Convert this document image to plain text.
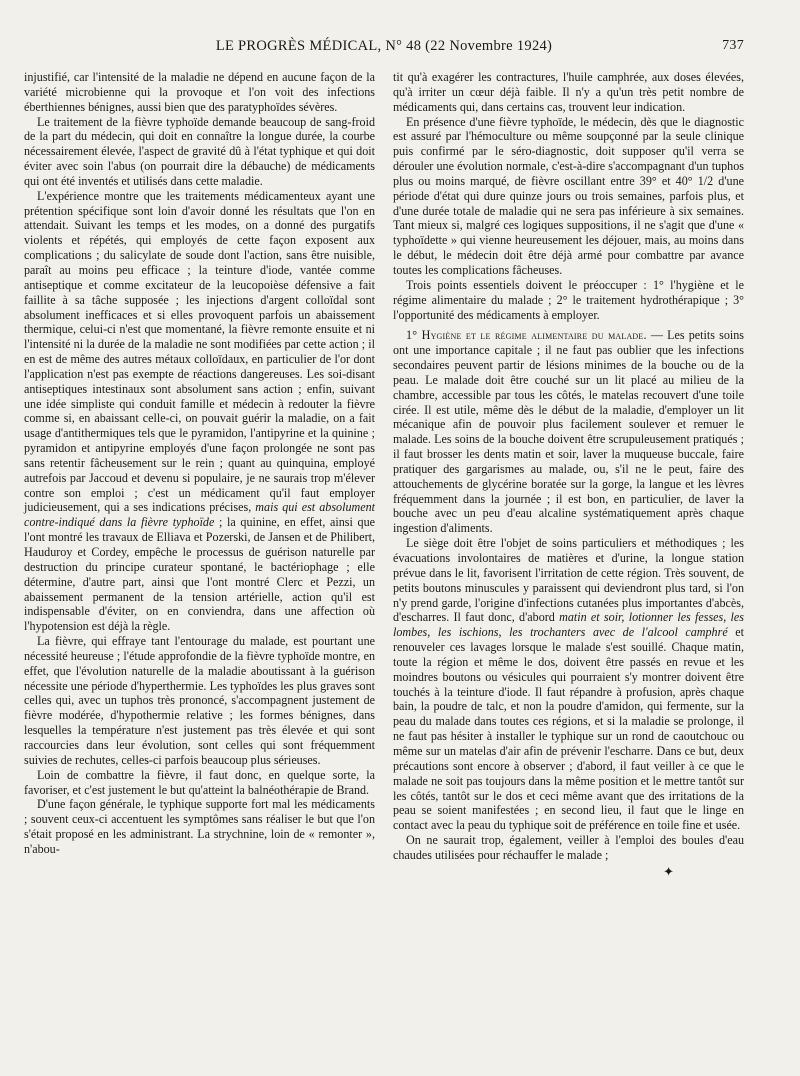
LE PROGRÈS MÉDICAL, N° 48 (22 Novembre 1924)	737

injustifié, car l'intensité de la maladie ne dépend en aucune façon de la variété microbienne qui la provoque et l'on voit des infections éberthiennes bénignes, aussi bien que des paratyphoïdes sévères.

Le traitement de la fièvre typhoïde demande beaucoup de sang-froid de la part du médecin, qui doit en connaître la longue durée, la courbe nécessairement élevée, l'aspect de gravité dû à l'état typhique et qui doit éviter avec soin l'abus (on pourrait dire la débauche) de médicaments qui ont été inventés et utilisés dans cette maladie.

L'expérience montre que les traitements médicamenteux ayant une prétention spécifique sont loin d'avoir donné les résultats que l'on en attendait. Suivant les temps et les modes, on a donné des purgatifs violents et répétés, qui employés de cette façon exposent aux complications ; du salicylate de soude dont l'action, sans être nuisible, paraît au moins peu efficace ; la teinture d'iode, vantée comme antiseptique et comme excitateur de la leucopoièse défensive a fait faillite à sa tâche supposée ; les injections d'argent colloïdal sont absolument inefficaces et si elles provoquent parfois un abaissement thermique, celui-ci n'est que momentané, la fièvre remonte ensuite et ni l'intensité ni la durée de la maladie ne sont modifiées par cette action ; il en est de même des autres métaux colloïdaux, en particulier de l'or dont l'application n'est pas exempte de réactions dangereuses. Les soi-disant antiseptiques intestinaux sont absolument sans action ; enfin, suivant une idée simpliste qui conduit famille et médecin à redouter la fièvre comme si, en abaissant celle-ci, on pouvait guérir la maladie, on a fait usage d'antithermiques tels que le pyramidon, l'antipyrine et la quinine ; pyramidon et antipyrine employés d'une façon prolongée ne sont pas sans retentir fâcheusement sur le rein ; quant au quinquina, employé autrefois par Jaccoud et devenu si populaire, je ne saurais trop m'élever contre son emploi ; c'est un médicament qu'il faut employer judicieusement, qui a ses indications précises, mais qui est absolument contre-indiqué dans la fièvre typhoïde ; la quinine, en effet, ainsi que l'ont montré les travaux de Elliava et Pozerski, de Jansen et de Philibert, Hauduroy et Cordey, empêche le processus de guérison naturelle par destruction du principe curateur spontané, le bactériophage ; elle détermine, d'autre part, ainsi que l'ont montré Clerc et Pezzi, un abaissement permanent de la tension artérielle, action qu'il est indispensable d'éviter, on en conviendra, dans une affection où l'hypotension est déjà la règle.

La fièvre, qui effraye tant l'entourage du malade, est pourtant une nécessité heureuse ; l'étude approfondie de la fièvre typhoïde montre, en effet, que l'évolution naturelle de la maladie aboutissant à la guérison nécessite une période d'hyperthermie. Les typhoïdes les plus graves sont celles qui, avec un tuphos très prononcé, s'accompagnent justement de fièvre modérée, d'hypothermie relative ; les formes bénignes, dans lesquelles la température n'est justement pas très élevée et qui sont raccourcies dans leur évolution, sont celles qui sont fréquemment suivies de rechutes, celles-ci parfois beaucoup plus sérieuses.

Loin de combattre la fièvre, il faut donc, en quelque sorte, la favoriser, et c'est justement le but qu'atteint la balnéothérapie de Brand.

D'une façon générale, le typhique supporte fort mal les médicaments ; souvent ceux-ci accentuent les symptômes sans réaliser le but que l'on s'était proposé en les administrant. La strychnine, loin de « remonter », n'abou-

tit qu'à exagérer les contractures, l'huile camphrée, aux doses élevées, qu'à irriter un cœur déjà faible. Il n'y a qu'un très petit nombre de médicaments qui, dans certains cas, trouvent leur indication.

En présence d'une fièvre typhoïde, le médecin, dès que le diagnostic est assuré par l'hémoculture ou même soupçonné par la seule clinique puis confirmé par le séro-diagnostic, doit supposer qu'il verra se dérouler une évolution normale, c'est-à-dire s'accompagnant d'un tuphos plus ou moins marqué, de fièvre oscillant entre 39° et 40° 1/2 d'une période d'état qui dure quinze jours ou trois semaines, parfois plus, et d'une durée totale de maladie qui ne sera pas inférieure à six semaines. Tant mieux si, malgré ces logiques suppositions, il ne s'agit que d'une « typhoïdette » qui vienne heureusement les déjouer, mais, au moins dans le début, le médecin doit être déjà armé pour combattre par avance toutes les complications fâcheuses.

Trois points essentiels doivent le préoccuper : 1° l'hygiène et le régime alimentaire du malade ; 2° le traitement hydrothérapique ; 3° l'opportunité des médicaments à employer.

1° Hygiène et le régime alimentaire du malade. — Les petits soins ont une importance capitale ; il ne faut pas oublier que les infections secondaires peuvent partir de lésions minimes de la bouche ou de la peau. Le malade doit être couché sur un lit placé au milieu de la chambre, accessible par tous les côtés, le matelas recouvert d'une toile cirée. Il est utile, même dès le début de la maladie, d'employer un lit mécanique afin de pouvoir plus facilement soulever et remuer le malade. Les soins de la bouche doivent être scrupuleusement pratiqués ; il faut brosser les dents matin et soir, laver la muqueuse buccale, faire pratiquer des gargarismes au malade, ou, s'il ne le peut, faire des attouchements de glycérine boratée sur la gorge, la langue et les lèvres fréquemment dans la journée ; il est bon, en particulier, de laver la bouche avec un peu d'eau alcaline systématiquement après chaque ingestion d'aliments.

Le siège doit être l'objet de soins particuliers et méthodiques ; les évacuations involontaires de matières et d'urine, la longue station prévue dans le lit, favorisent l'irritation de cette région. Très souvent, de petits boutons minuscules y paraissent qui deviendront plus tard, si l'on n'y prend garde, l'origine d'infections cutanées plus importantes d'abcès, d'escharres. Il faut donc, d'abord matin et soir, lotionner les fesses, les lombes, les ischions, les trochanters avec de l'alcool camphré et renouveler ces lavages lorsque le malade s'est souillé. Chaque matin, toute la région et même le dos, doivent être passés en revue et les moindres boutons ou vésicules qui pourraient s'y montrer doivent être touchés à la teinture d'iode. Il faut répandre à profusion, après chaque bain, la poudre de talc, et non la poudre d'amidon, qui fermente, sur la peau du malade dans toutes ces régions, et si la maladie se prolonge, il ne faut pas hésiter à installer le typhique sur un rond de caoutchouc ou même sur un matelas d'air afin de prévenir l'escharre. Dans ce but, deux précautions sont encore à observer ; d'abord, il faut veiller à ce que le malade ne soit pas toujours dans la même position et le mettre tantôt sur les côtés, tantôt sur le dos et ceci même avant que des irritations de la peau se soient manifestées ; en second lieu, il faut que le linge en contact avec la peau du typhique soit de préférence en toile fine et usée.

On ne saurait trop, également, veiller à l'emploi des boules d'eau chaudes utilisées pour réchauffer le malade ;

✦
